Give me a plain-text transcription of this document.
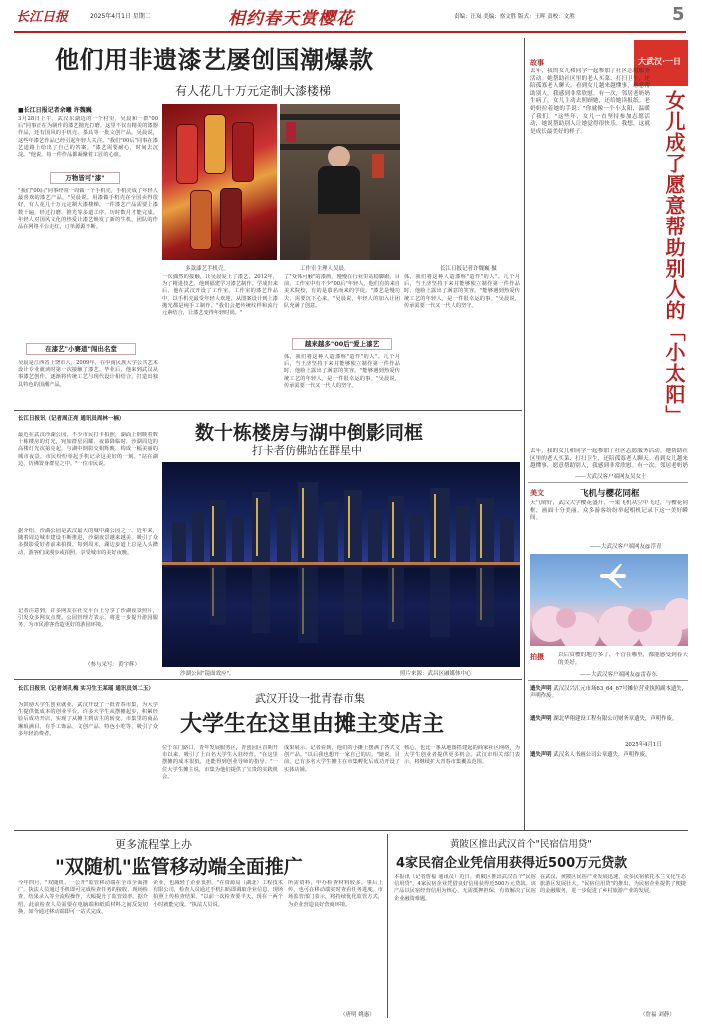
长江日报	2025年4月1日 星期二	相约春天赏樱花	责编：汪岚 美编：察文胜 版式：王晖 责校：文胜	5
他们用非遗漆艺屡创国潮爆款
有人花几十万元定制大漆楼梯
■长江日报记者余曦 许魏巍
3月28日上午，武汉东湖边的一个村里，吴晨和一群"00后"同事正在为制作的漆艺抛光打磨。这里不仅有精美的漆器作品，还有国风的手机壳、茶具等一批文创产品。吴晨说，这些年漆艺作品已经引起年轻人关注。"我们"00后"同事在漆艺道路上给出了自己的答案。"漆艺需要耐心，时间去沉淀。"他说，每一件作品都凝聚着工匠的心血。
万物皆可"漆"
"我们"00后"同事经常一周做一个手机壳，手机壳成了年轻人最喜欢的漆艺产品。"吴晨说。用漆做手机壳在全国卖得很好，有人花几十万元定制大漆楼梯。一件漆艺产品需要上漆数十遍，经过打磨、推光等多道工序，历时数月才能完成。年轻人对国风文化的热爱让漆艺焕发了新的生机。团队的作品在网络平台走红，订单源源不断。
在漆艺"小赛道"闯出名堂
吴晨是江西省上饶市人，2009年，在中南民族大学公共艺术设计专业就读时第一次接触了漆艺。毕业后，他来到武汉从事漆艺创作，逐渐将传统工艺与现代设计相结合，打造出独具特色的国潮产品。
多款漆艺手机壳。	工作室主理人吴晨。	长江日报记者许魏巍 摄
一次偶然的接触，让吴晨爱上了漆艺。2012年，为了精进技艺，他到福建学习漆艺制作。学成归来后，他在武汉开设了工作室。工作室的漆艺作品中，以手机壳最受年轻人欢迎，从图案设计到上漆抛光都是纯手工制作。"我们会把传统纹样和流行元素结合，让漆艺变得年轻时尚。"
了"众体可触"的漆画，慢慢在行业里站稳脚跟。目前，工作室中有不少"00后"年轻人，他们有的来自美术院校，有的是慕名而来的学徒。"漆艺是慢功夫，需要沉下心来。"吴晨说，年轻人的加入让团队充满了创意。
越来越多"00后"爱上漆艺
体，我们将这种人造漆称"造作"的人"。几个月后，当王济坚持下来并能够独立制作第一件作品时，他脸上露出了满意的笑容。"能够遇到热爱传统工艺的年轻人，是一件很幸运的事。"吴晨说，传承需要一代又一代人的坚守。
体，我们将这种人造漆称"造作"的人"。几个月后，当王济坚持下来并能够独立制作第一件作品时，他脸上露出了满意的笑容。"能够遇到热爱传统工艺的年轻人，是一件很幸运的事。"吴晨说，传承需要一代又一代人的坚守。
数十栋楼房与湖中倒影同框
打卡者仿佛站在群星中
长江日报讯（记者周正亮 通讯员周林一楠）
最近在武汉沙湖公园，不少市民打卡拍照，湖面上倒映着数十栋楼房的灯光，宛如群星闪耀。夜幕降临时，沙湖周边的高楼灯光次第亮起，与湖中倒影交相辉映，构成一幅美丽的城市夜景。市民纷纷举起手机记录这美好的一刻。"站在湖边，仿佛置身群星之中。"一位市民说。
据介绍，沙湖公园是武汉最大的城中湖公园之一。近年来，随着周边城市建设不断推进，沙湖夜景越来越美，吸引了众多摄影爱好者前来拍摄。每到周末，湖边步道上总是人头攒动，游客们或漫步或拍照，享受城市的美好夜晚。
记者注意到，许多网友在社交平台上分享了沙湖夜景照片，引发众多网友点赞。公园管理方表示，将进一步提升游园服务，为市民游客营造更好的游园环境。
（参与采写：黄宇辉）
沙湖公园"镜面效应"。	照片来源：武昌区融媒体中心
武汉开设一批青春市集
大学生在这里由摊主变店主
长江日报讯（记者刘孔梅 实习生王某瑶 通讯员刘二玉）
为鼓励大学生创业就业，武汉开设了一批青春市集，为大学生提供低成本的创业平台。许多大学生从摆摊起步，积累经验后成功开店，实现了从摊主到店主的转变。市集里的商品琳琅满目，有手工饰品、文创产品、特色小吃等，吸引了众多年轻消费者。
位于东门路口，青年发展服务区，青创园区首期开市以来，吸引了上百名大学生入驻经营。"在这里摆摊的成本很低，还能得到创业导师的指导。"一位大学生摊主说，市集为他们提供了宝贵的实践机会。
成果展示，记者看到，他们的小摊上摆满了各式文创产品。"以后我也想开一家自己的店。"她说。目前，已有多名大学生摊主在市集孵化后成功开设了实体店铺。
核心，也比一条从地图搭建起的商家社区网络，为大学生创业者提供更多机会。武汉市相关部门表示，将继续扩大青春市集覆盖范围。
更多流程掌上办
"双随机"监管移动端全面推广
今年四月，"双随机、一公开"监管移动端在全市全面推广。执法人员通过手机即可完成检查任务的接收、现场检查、结果录入等全流程操作，大幅提升了监管效率。据介绍，此前检查人员需要在电脑端和纸质材料之间反复切换，如今通过移动端即可一站式完成。
企业，也减轻了企业负担。"在资源局（湖北）工程技术有限公司，检查人员通过手机扫码即调取企业信息，现场拍照上传检查结果。"以前一次检查要半天，现在一两个小时就能完成。"执法人员说。
所需资料，申办检查材料较多。事后上传，也可在移动端实时查看任务进度。市场监管部门表示，将持续优化监管方式，为企业营造良好营商环境。
（唐明 姚惠）
黄陂区推出武汉首个"民宿信用贷"
4家民宿企业凭信用获得近500万元贷款
本报讯（记者詹福 通讯员）近日，黄陂区推出武汉首个"民宿信用贷"，4家民宿企业凭借良好信用获得近500万元贷款。该产品以民宿经营信用为核心，无需抵押担保，有效解决了民宿企业融资难题。
在武汉，黄陂区民宿产业发展迅速，众多民宿依托木兰文化生态旅游区发展壮大。"民宿信用贷"的推出，为民宿企业提供了便捷的金融服务，进一步促进了乡村旅游产业的发展。
（詹福 刘静）
大武汉·一日
女儿成了愿意帮助别人的「小太阳」
故事
去年，我的女儿和同学一起参加了社区志愿服务活动。她帮助社区里的老人买菜、打扫卫生，还陪孤寡老人聊天。看到女儿越来越懂事，愿意帮助别人，我感到非常欣慰。有一次，邻居老奶奶生病了，女儿主动去照顾她，还给她读报纸。老奶奶拉着她的手说："你就像一个小太阳，温暖了我们。"这些年，女儿一直坚持参加志愿活动，她说帮助别人让她觉得很快乐。我想，这就是成长最美好的样子。
去年，我的女儿和同学一起参加了社区志愿服务活动。她帮助社区里的老人买菜、打扫卫生，还陪孤寡老人聊天。看到女儿越来越懂事，愿意帮助别人，我感到非常欣慰。有一次，邻居老奶奶
——大武汉客户端网友吴女士
美文	飞机与樱花同框
天气晴好，武汉大学樱花盛开，一架飞机从空中飞过，与樱花同框，画面十分美丽。众多游客纷纷举起相机记录下这一美好瞬间。
——大武汉客户端网友@浮青
拍摄	以后赏樱的地方多了，不管在哪里，都能感受到春天的美好。
——大武汉客户端网友@雷春东
遗失声明 武汉汉兴汇元市场63_64_67号摊位营业执照副本遗失，声明作废。
遗失声明 湖北华翔建设工程有限公司财务章遗失，声明作废。
2025年4月1日
遗失声明 武汉名人书画公司公章遗失，声明作废。
